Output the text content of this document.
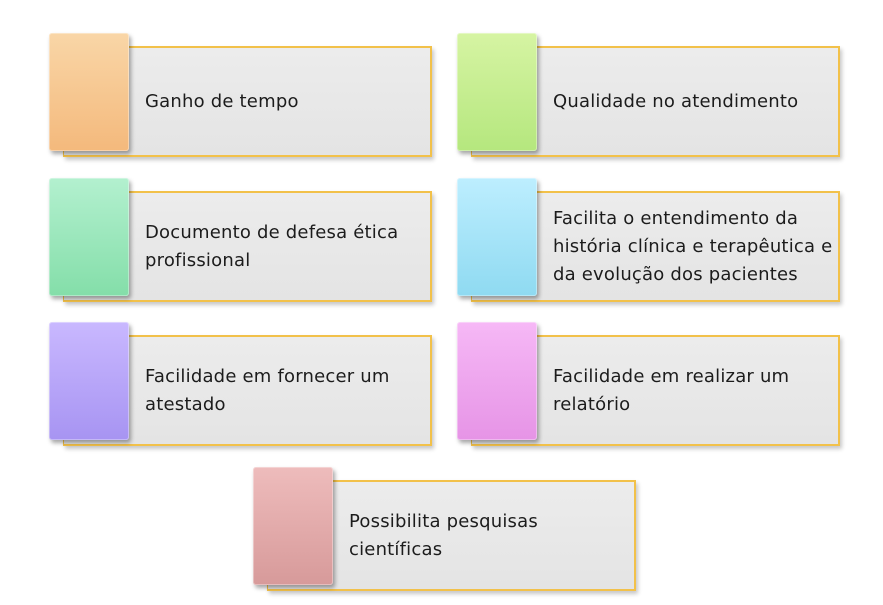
Ganho de tempo	Qualidade no atendimento
Documento de defesa ética profissional
Facilita o entendimento da história clínica e terapêutica e da evolução dos pacientes
Facilidade em fornecer um atestado
Facilidade em realizar um relatório
Possibilita pesquisas científicas
